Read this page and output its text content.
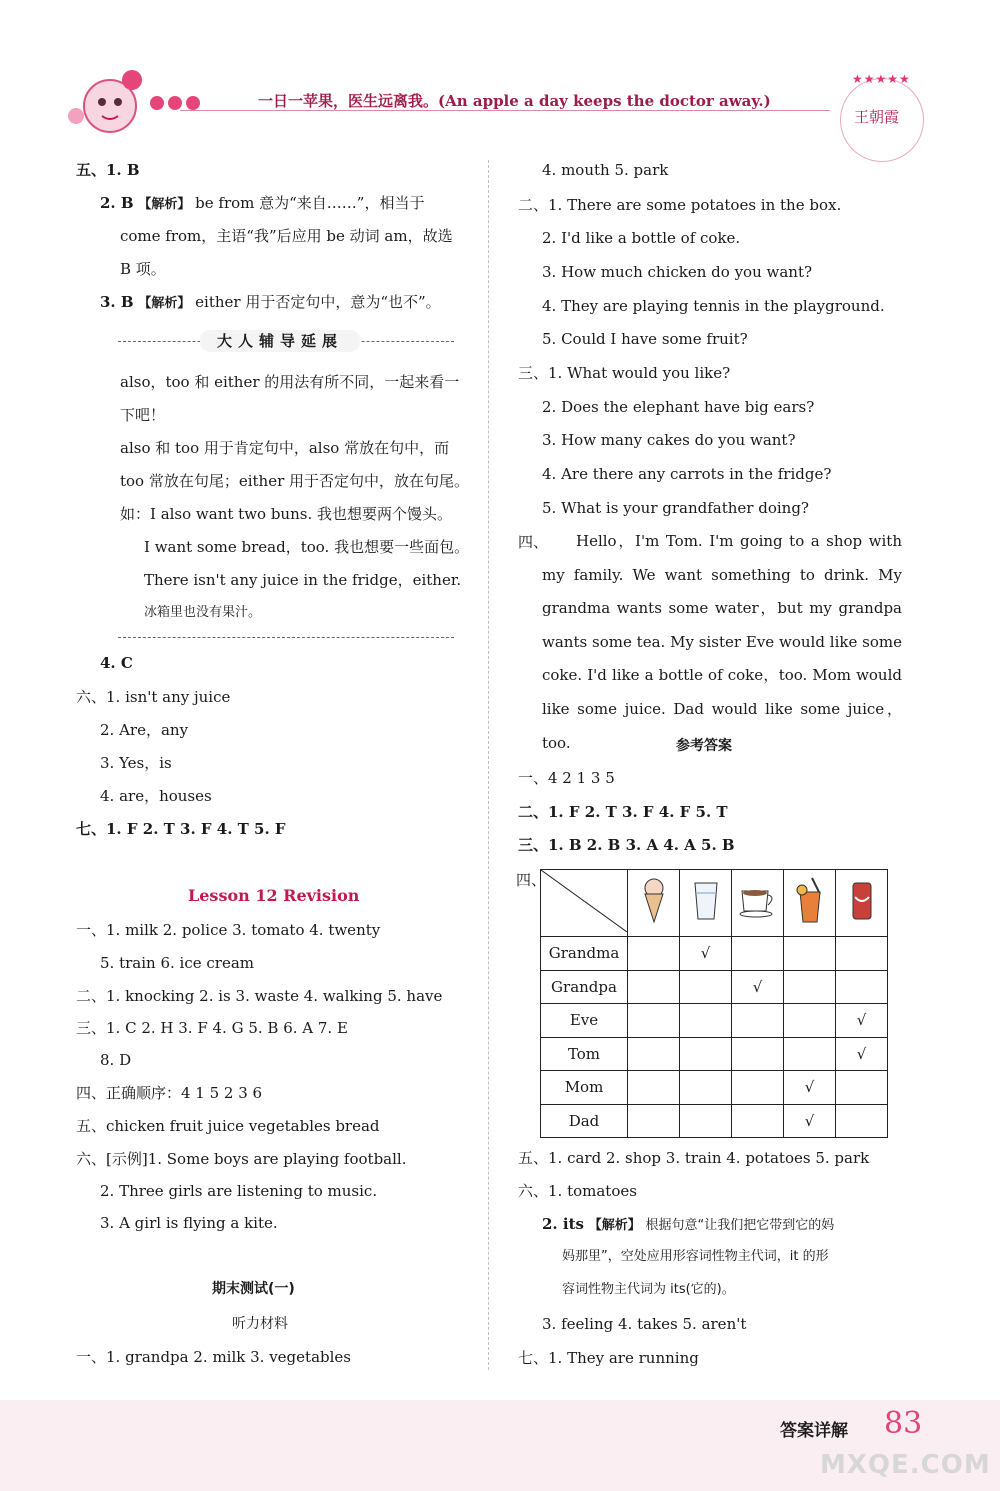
一日一苹果，医生远离我。(An apple a day keeps the doctor away.)
★★★★★
王朝霞
五、1. B
2. B 【解析】 be from 意为“来自……”，相当于
come from，主语“我”后应用 be 动词 am，故选
B 项。
3. B 【解析】 either 用于否定句中，意为“也不”。
大人辅导延展
also，too 和 either 的用法有所不同，一起来看一
下吧！
also 和 too 用于肯定句中，also 常放在句中，而
too 常放在句尾；either 用于否定句中，放在句尾。
如：I also want two buns. 我也想要两个馒头。
I want some bread，too. 我也想要一些面包。
There isn't any juice in the fridge，either.
冰箱里也没有果汁。
4. C
六、1. isn't any juice
2. Are，any
3. Yes，is
4. are，houses
七、1. F 2. T 3. F 4. T 5. F
Lesson 12 Revision
一、1. milk 2. police 3. tomato 4. twenty
5. train 6. ice cream
二、1. knocking 2. is 3. waste 4. walking 5. have
三、1. C 2. H 3. F 4. G 5. B 6. A 7. E
8. D
四、正确顺序：4 1 5 2 3 6
五、chicken fruit juice vegetables bread
六、[示例]1. Some boys are playing football.
2. Three girls are listening to music.
3. A girl is flying a kite.
期末测试(一)
听力材料
一、1. grandpa 2. milk 3. vegetables
4. mouth 5. park
二、1. There are some potatoes in the box.
2. I'd like a bottle of coke.
3. How much chicken do you want?
4. They are playing tennis in the playground.
5. Could I have some fruit?
三、1. What would you like?
2. Does the elephant have big ears?
3. How many cakes do you want?
4. Are there any carrots in the fridge?
5. What is your grandfather doing?
四、	Hello，I'm Tom. I'm going to a shop with my family. We want something to drink. My grandma wants some water，but my grandpa wants some tea. My sister Eve would like some coke. I'd like a bottle of coke，too. Mom would like some juice. Dad would like some juice，too.	参考答案
一、4 2 1 3 5
二、1. F 2. T 3. F 4. F 5. T
三、1. B 2. B 3. A 4. A 5. B
四、

Grandma		√			
Grandpa			√		
Eve					√
Tom					√
Mom				√	
Dad				√	
五、1. card 2. shop 3. train 4. potatoes 5. park
六、1. tomatoes
2. its 【解析】 根据句意“让我们把它带到它的妈
妈那里”，空处应用形容词性物主代词，it 的形
容词性物主代词为 its(它的)。
3. feeling 4. takes 5. aren't
七、1. They are running
答案详解 83
MXQE.COM
